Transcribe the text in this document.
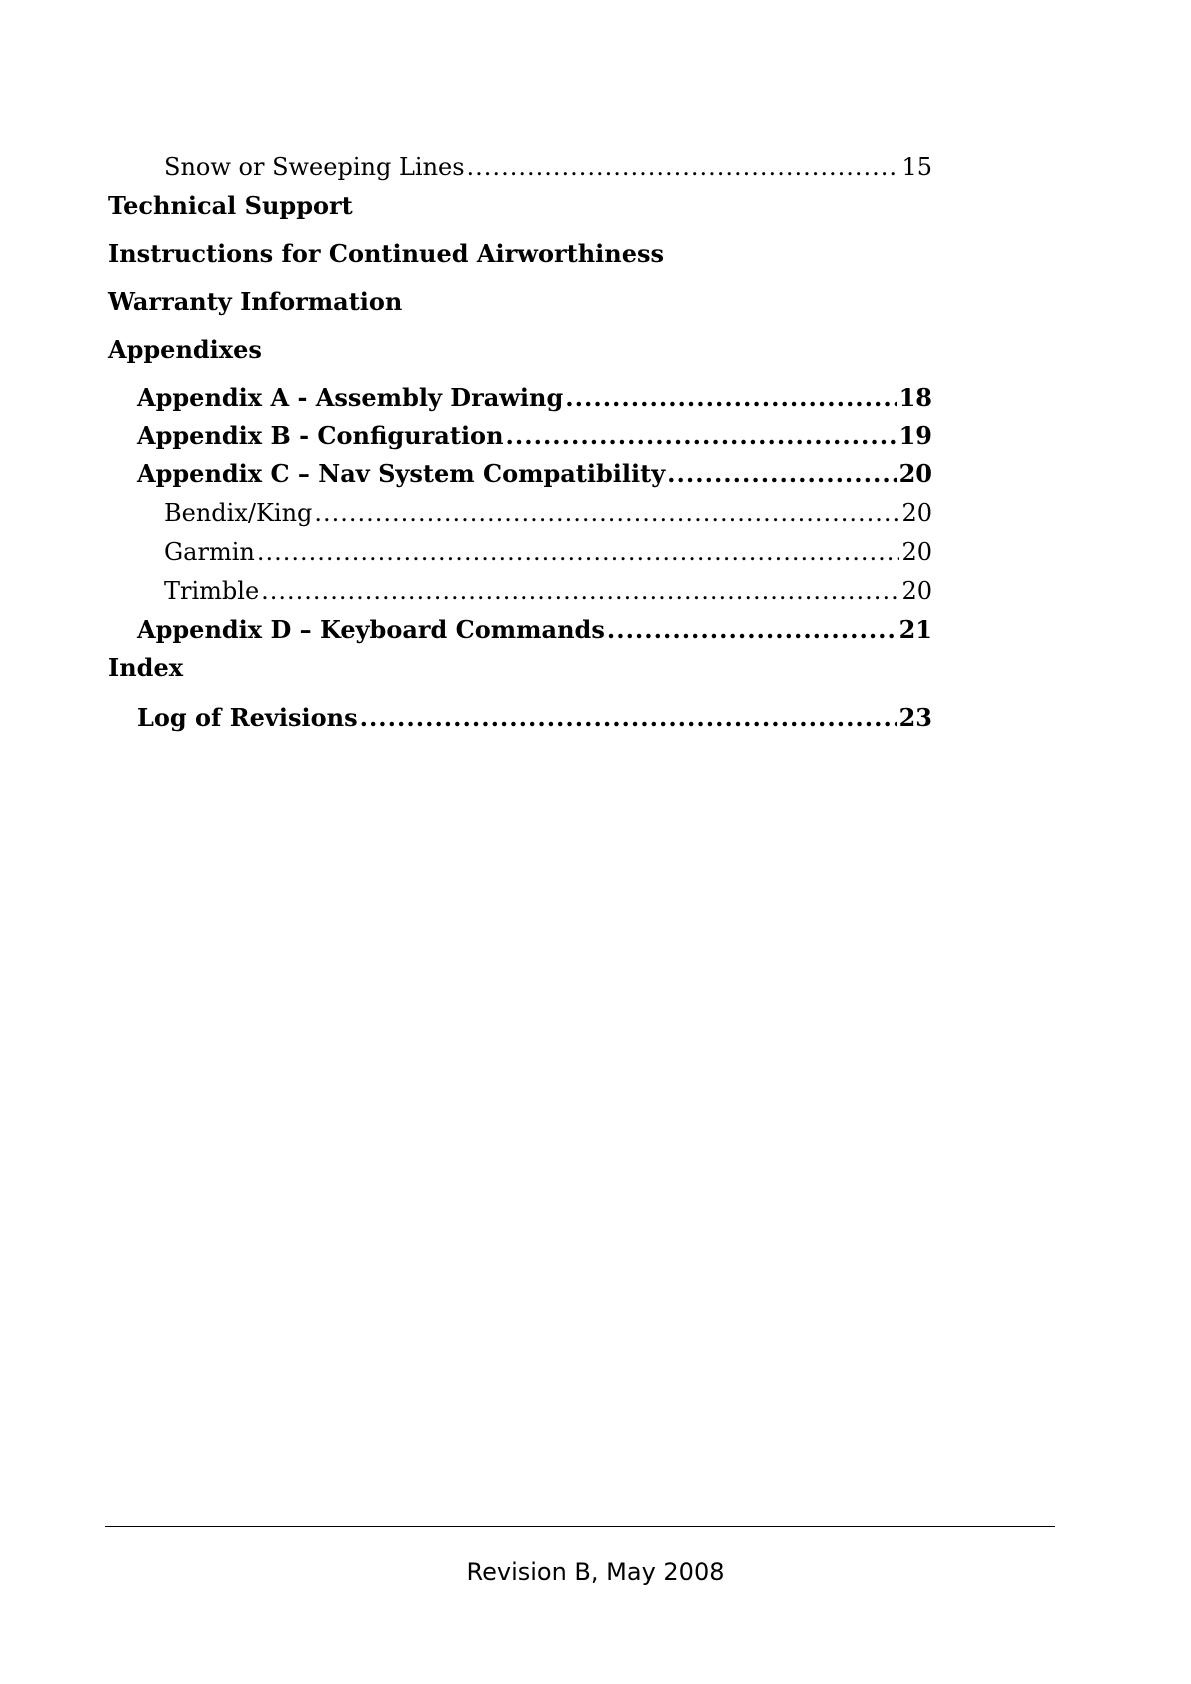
Snow or Sweeping Lines .....	15
Technical Support
Instructions for Continued Airworthiness
Warranty Information
Appendixes
Appendix A - Assembly Drawing .....	18
Appendix B - Configuration .....	19
Appendix C – Nav System Compatibility .....	20
Bendix/King .....	20
Garmin .....	20
Trimble .....	20
Appendix D – Keyboard Commands .....	21
Index
Log of Revisions .....	23
Revision B, May 2008
